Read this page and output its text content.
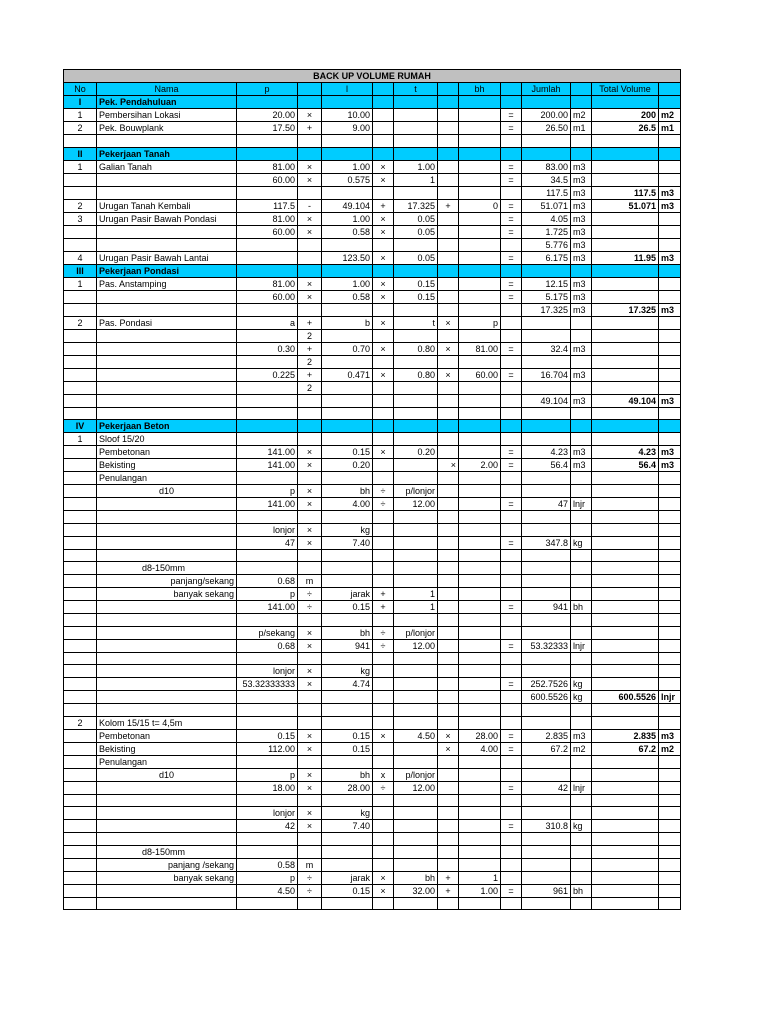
BACK UP VOLUME RUMAH													
No	Nama	p		l		t		bh		Jumlah		Total Volume	
I	Pek. Pendahuluan												
1	Pembersihan Lokasi	20.00	×	10.00					=	200.00	m2	200	m2
2	Pek. Bouwplank	17.50	+	9.00					=	26.50	m1	26.5	m1

II	Pekerjaan Tanah												
1	Galian Tanah	81.00	×	1.00	×	1.00			=	83.00	m3		
		60.00	×	0.575	×	1			=	34.5	m3		
										117.5	m3	117.5	m3
2	Urugan Tanah Kembali	117.5	-	49.104	+	17.325	+	0	=	51.071	m3	51.071	m3
3	Urugan Pasir Bawah Pondasi	81.00	×	1.00	×	0.05			=	4.05	m3		
		60.00	×	0.58	×	0.05			=	1.725	m3		
										5.776	m3		
4	Urugan Pasir Bawah Lantai			123.50	×	0.05			=	6.175	m3	11.95	m3
III	Pekerjaan Pondasi												
1	Pas. Anstamping	81.00	×	1.00	×	0.15			=	12.15	m3		
		60.00	×	0.58	×	0.15			=	5.175	m3		
										17.325	m3	17.325	m3
2	Pas. Pondasi	a	+	b	×	t	×	p					
			2										
		0.30	+	0.70	×	0.80	×	81.00	=	32.4	m3		
			2										
		0.225	+	0.471	×	0.80	×	60.00	=	16.704	m3		
			2										
										49.104	m3	49.104	m3

IV	Pekerjaan Beton												
1	Sloof 15/20												
	Pembetonan	141.00	×	0.15	×	0.20			=	4.23	m3	4.23	m3
	Bekisting	141.00	×	0.20			×	2.00	=	56.4	m3	56.4	m3
	Penulangan												
	d10	p	×	bh	÷	p/lonjor							
		141.00	×	4.00	÷	12.00			=	47	lnjr		

		lonjor	×	kg									
		47	×	7.40					=	347.8	kg		

	d8-150mm												
	panjang/sekang	0.68	m										
	banyak sekang	p	÷	jarak	+	1							
		141.00	÷	0.15	+	1			=	941	bh		

		p/sekang	×	bh	÷	p/lonjor							
		0.68	×	941	÷	12.00			=	53.32333	lnjr		

		lonjor	×	kg									
		53.32333333	×	4.74					=	252.7526	kg		
										600.5526	kg	600.5526	lnjr

2	Kolom 15/15 t= 4,5m												
	Pembetonan	0.15	×	0.15	×	4.50	×	28.00	=	2.835	m3	2.835	m3
	Bekisting	112.00	×	0.15			×	4.00	=	67.2	m2	67.2	m2
	Penulangan												
	d10	p	×	bh	x	p/lonjor							
		18.00	×	28.00	÷	12.00			=	42	lnjr		

		lonjor	×	kg									
		42	×	7.40					=	310.8	kg		

	d8-150mm												
	panjang /sekang	0.58	m										
	banyak sekang	p	÷	jarak	×	bh	+	1					
		4.50	÷	0.15	×	32.00	+	1.00	=	961	bh		
